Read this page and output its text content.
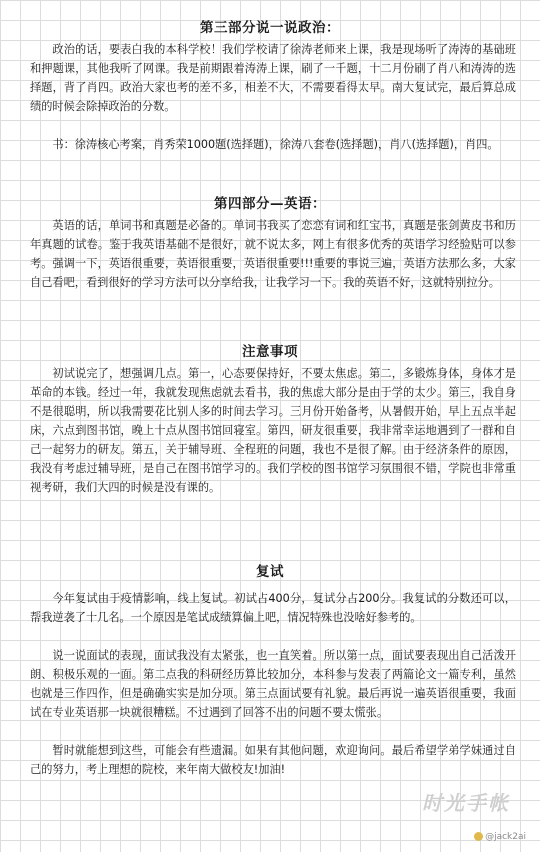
第三部分说一说政治：

政治的话，要表白我的本科学校！我们学校请了徐涛老师来上课，我是现场听了涛涛的基础班和押题课，其他我听了网课。我是前期跟着涛涛上课，刷了一千题，十二月份刷了肖八和涛涛的选择题，背了肖四。政治大家也考的差不多，相差不大，不需要看得太早。南大复试完，最后算总成绩的时候会除掉政治的分数。

书：徐涛核心考案，肖秀荣1000题(选择题)，徐涛八套卷(选择题)，肖八(选择题)，肖四。

第四部分—英语：

英语的话，单词书和真题是必备的。单词书我买了恋恋有词和红宝书，真题是张剑黄皮书和历年真题的试卷。鉴于我英语基础不是很好，就不说太多，网上有很多优秀的英语学习经验贴可以参考。强调一下，英语很重要，英语很重要，英语很重要!!!重要的事说三遍，英语方法那么多，大家自己看吧，看到很好的学习方法可以分享给我，让我学习一下。我的英语不好，这就特别拉分。

注意事项

初试说完了，想强调几点。第一，心态要保持好，不要太焦虑。第二，多锻炼身体，身体才是革命的本钱。经过一年，我就发现焦虑就去看书，我的焦虑大部分是由于学的太少。第三，我自身不是很聪明，所以我需要花比别人多的时间去学习。三月份开始备考，从暑假开始，早上五点半起床，六点到图书馆，晚上十点从图书馆回寝室。第四，研友很重要，我非常幸运地遇到了一群和自己一起努力的研友。第五，关于辅导班、全程班的问题，我也不是很了解。由于经济条件的原因，我没有考虑过辅导班，是自己在图书馆学习的。我们学校的图书馆学习氛围很不错，学院也非常重视考研，我们大四的时候是没有课的。

复试

今年复试由于疫情影响，线上复试。初试占400分，复试分占200分。我复试的分数还可以，帮我逆袭了十几名。一个原因是笔试成绩算偏上吧，情况特殊也没啥好参考的。

说一说面试的表现，面试我没有太紧张，也一直笑着。所以第一点，面试要表现出自己活泼开朗、积极乐观的一面。第二点我的科研经历算比较加分，本科参与发表了两篇论文一篇专利，虽然也就是三作四作，但是确确实实是加分项。第三点面试要有礼貌。最后再说一遍英语很重要，我面试在专业英语那一块就很糟糕。不过遇到了回答不出的问题不要太慌张。

暂时就能想到这些，可能会有些遗漏。如果有其他问题，欢迎询问。最后希望学弟学妹通过自己的努力，考上理想的院校，来年南大做校友!加油!

时光手帐
@jack2ai
